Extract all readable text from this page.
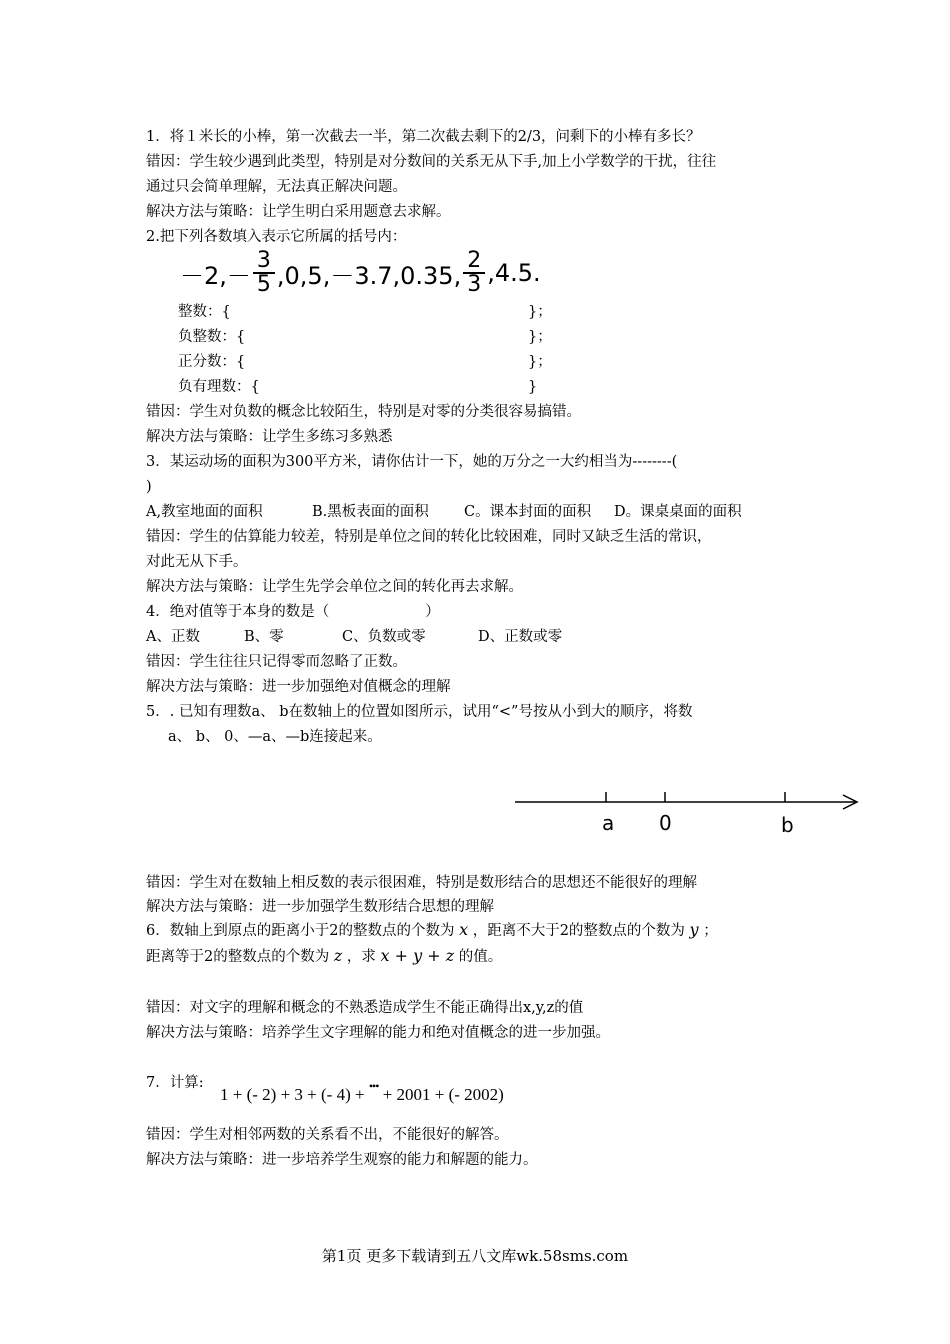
1．将１米长的小棒，第一次截去一半，第二次截去剩下的2/3，问剩下的小棒有多长？
错因：学生较少遇到此类型，特别是对分数间的关系无从下手,加上小学数学的干扰，往往
通过只会简单理解，无法真正解决问题。
解决方法与策略：让学生明白采用题意去求解。
2.把下列各数填入表示它所属的括号内：
$-2,- \frac{3}{5} ,0,5,-3.7,0.35$, $\frac{2}{3} ,4.5$.
整数：{	}；
负整数：{	}；
正分数：{	}；
负有理数：{	}
错因：学生对负数的概念比较陌生，特别是对零的分类很容易搞错。
解决方法与策略：让学生多练习多熟悉
3．某运动场的面积为300平方米，请你估计一下，她的万分之一大约相当为--------(
)
A,教室地面的面积	B.黑板表面的面积 C。课本封面的面积 D。课桌桌面的面积
错因：学生的估算能力较差，特别是单位之间的转化比较困难，同时又缺乏生活的常识，
对此无从下手。
解决方法与策略：让学生先学会单位之间的转化再去求解。
4．绝对值等于本身的数是（	）
A、正数	B、零	C、负数或零	D、正数或零
错因：学生往往只记得零而忽略了正数。
解决方法与策略：进一步加强绝对值概念的理解
5．. 已知有理数a、 b在数轴上的位置如图所示，试用“<”号按从小到大的顺序，将数
a、 b、 0、—a、—b连接起来。
a 0	b
错因：学生对在数轴上相反数的表示很困难，特别是数形结合的思想还不能很好的理解
解决方法与策略：进一步加强学生数形结合思想的理解
6．数轴上到原点的距离小于2的整数点的个数为 x ，距离不大于2的整数点的个数为 y ；
距离等于2的整数点的个数为 z ，求 x + y + z 的值。
错因：对文字的理解和概念的不熟悉造成学生不能正确得出x,y,z的值
解决方法与策略：培养学生文字理解的能力和绝对值概念的进一步加强。
7．计算:
1 + (- 2) + 3 + (- 4) + ••• + 2001 + (- 2002)
错因：学生对相邻两数的关系看不出，不能很好的解答。
解决方法与策略：进一步培养学生观察的能力和解题的能力。
第1页 更多下载请到五八文库wk.58sms.com
